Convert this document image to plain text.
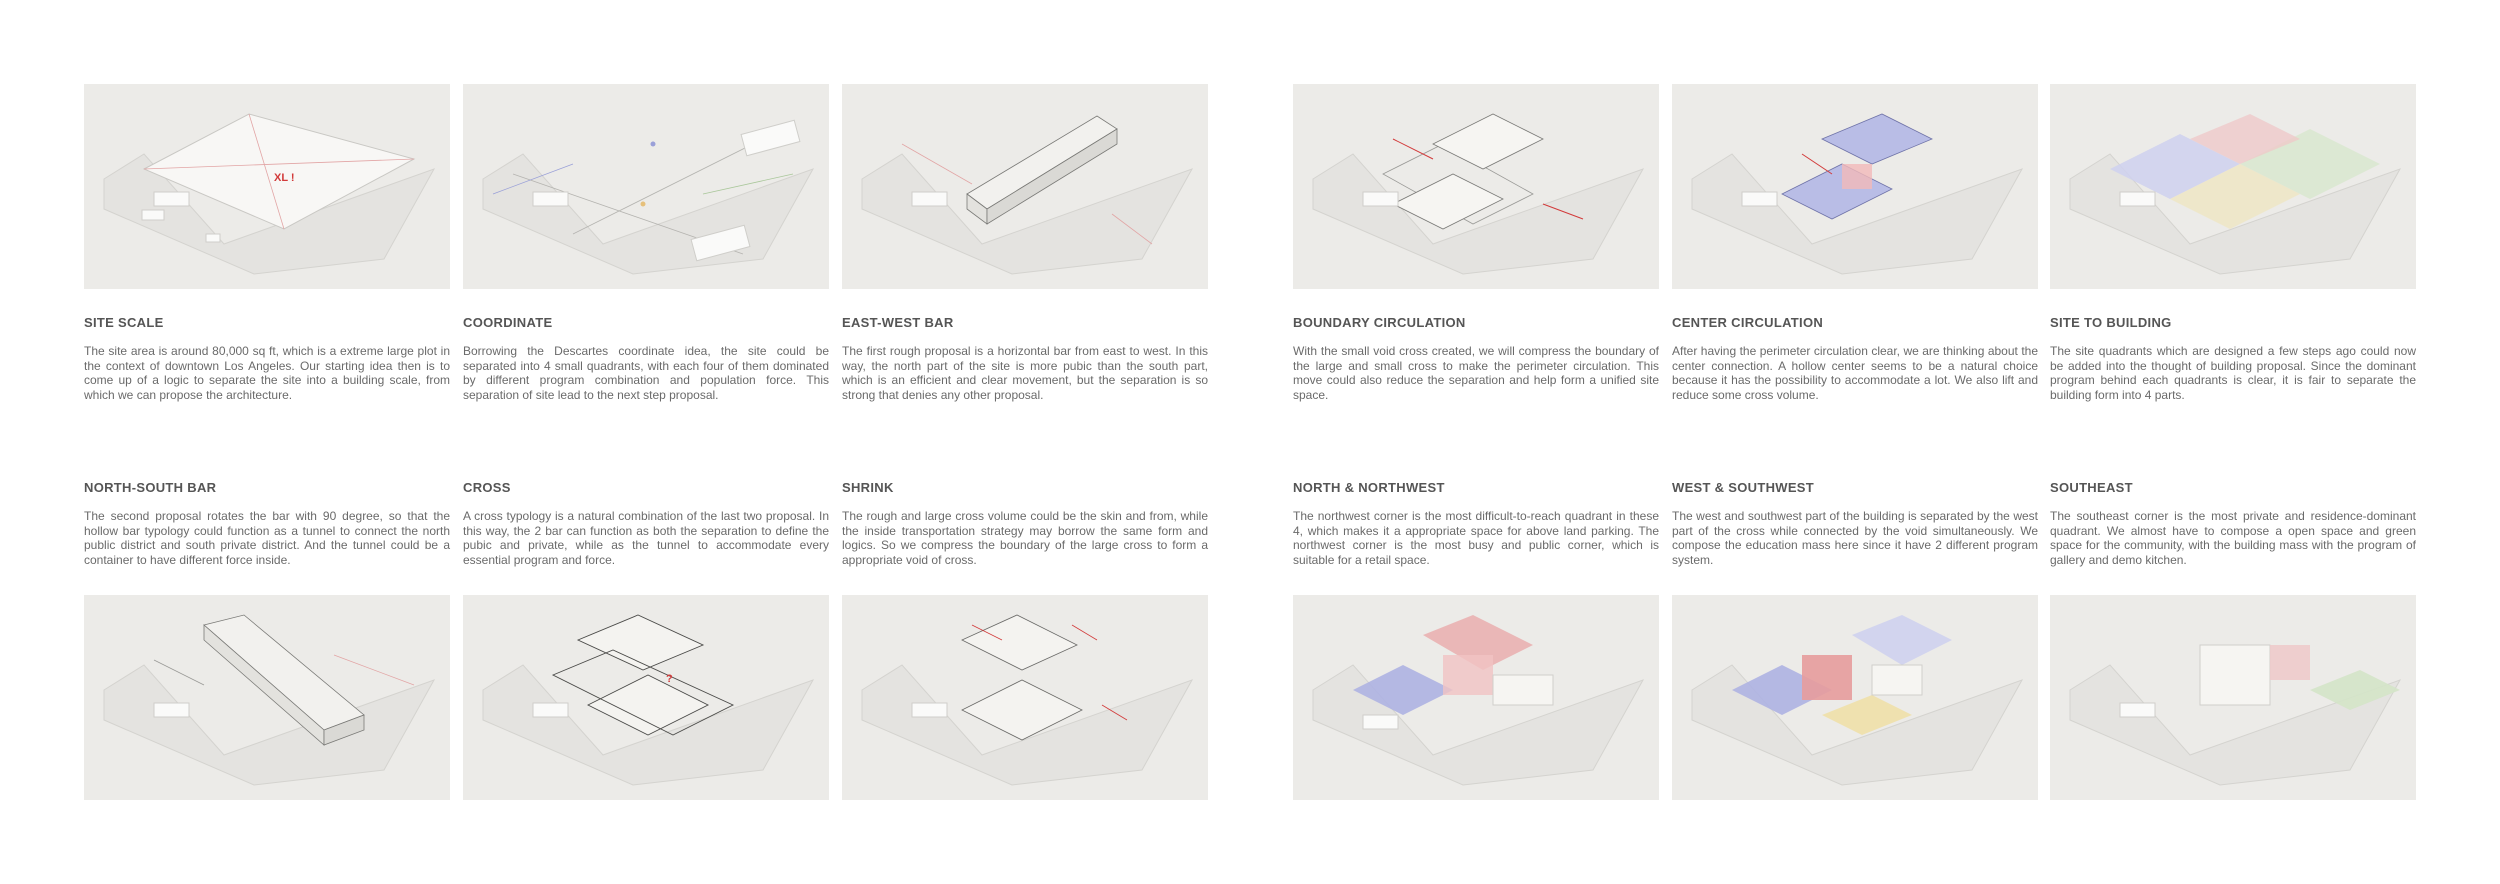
XL !
SITE SCALE
The site area is around 80,000 sq ft, which is a extreme large plot in the context of downtown Los Angeles. Our starting idea then is to come up of a logic to separate the site into a building scale, from which we can propose the architecture.
COORDINATE
Borrowing the Descartes coordinate idea, the site could be separated into 4 small quadrants, with each four of them dominated by different program combination and population force. This separation of site lead to the next step proposal.
EAST-WEST BAR
The first rough proposal is a horizontal bar from east to west. In this way, the north part of the site is more pubic than the south part, which is an efficient and clear movement, but the separation is so strong that denies any other proposal.
BOUNDARY CIRCULATION
With the small void cross created, we will compress the boundary of the large and small cross to make the perimeter circulation. This move could also reduce the separation and help form a unified site space.
CENTER CIRCULATION
After having the perimeter circulation clear, we are thinking about the center connection. A hollow center seems to be a natural choice because it has the possibility to accommodate a lot. We also lift and reduce some cross volume.
SITE TO BUILDING
The site quadrants which are designed a few steps ago could now be added into the thought of building proposal. Since the dominant program behind each quadrants is clear, it is fair to separate the building form into 4 parts.
NORTH-SOUTH BAR
The second proposal rotates the bar with 90 degree, so that the hollow bar typology could function as a tunnel to connect the north public district and south private district. And the tunnel could be a container to have different force inside.
CROSS
A cross typology is a natural combination of the last two proposal. In this way, the 2 bar can function as both the separation to define the pubic and private, while as the tunnel to accommodate every essential program and force.
SHRINK
The rough and large cross volume could be the skin and from, while the inside transportation strategy may borrow the same form and logics. So we compress the boundary of the large cross to form a appropriate void of cross.
NORTH & NORTHWEST
The northwest corner is the most difficult-to-reach quadrant in these 4, which makes it a appropriate space for above land parking. The northwest corner is the most busy and public corner, which is suitable for a retail space.
WEST & SOUTHWEST
The west and southwest part of the building is separated by the west part of the cross while connected by the void simultaneously. We compose the education mass here since it have 2 different program system.
SOUTHEAST
The southeast corner is the most private and residence-dominant quadrant. We almost have to compose a open space and green space for the community, with the building mass with the program of gallery and demo kitchen.
?
